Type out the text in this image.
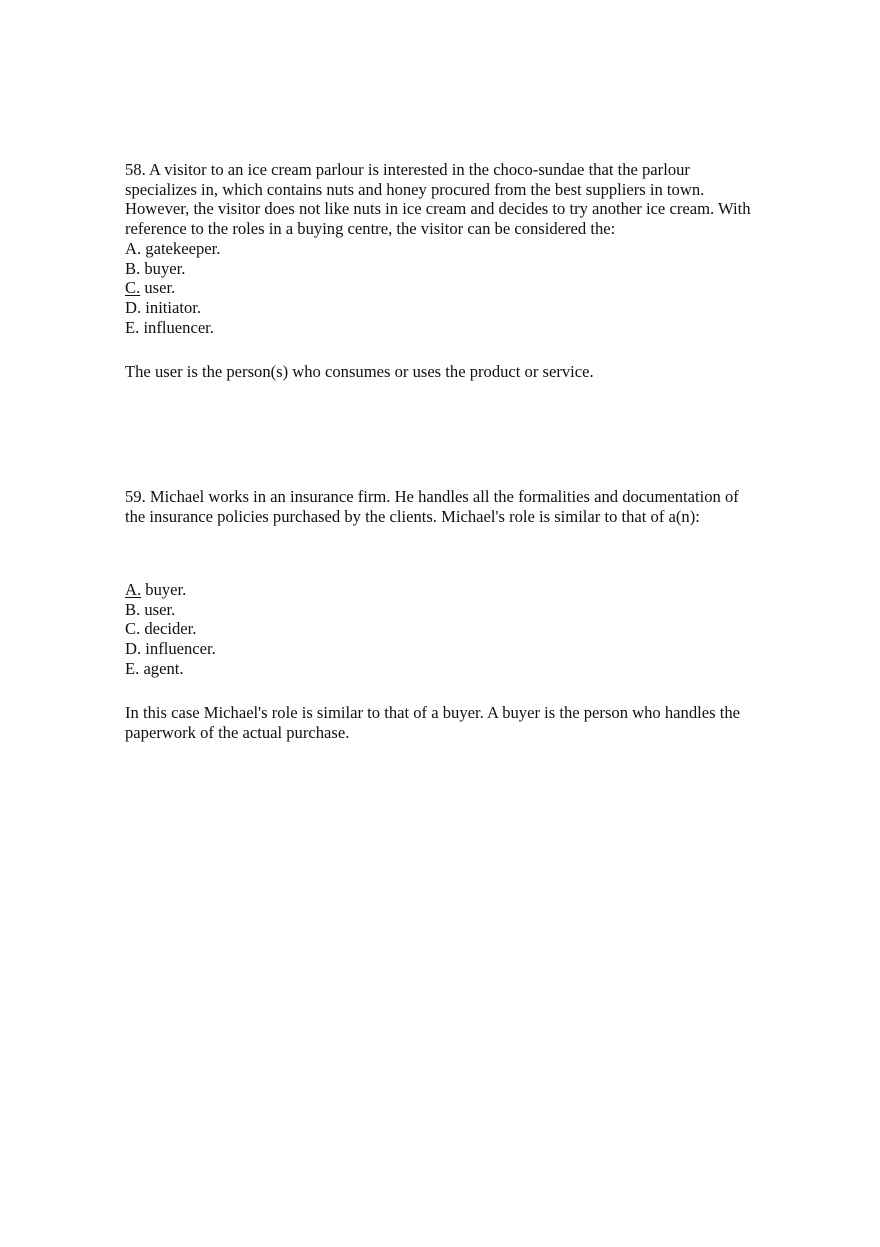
58. A visitor to an ice cream parlour is interested in the choco-sundae that the parlour

specializes in, which contains nuts and honey procured from the best suppliers in town.

However, the visitor does not like nuts in ice cream and decides to try another ice cream. With

reference to the roles in a buying centre, the visitor can be considered the:

A. gatekeeper.

B. buyer.

C. user.

D. initiator.

E. influencer.

The user is the person(s) who consumes or uses the product or service.

59. Michael works in an insurance firm. He handles all the formalities and documentation of

the insurance policies purchased by the clients. Michael's role is similar to that of a(n):

A. buyer.

B. user.

C. decider.

D. influencer.

E. agent.

In this case Michael's role is similar to that of a buyer. A buyer is the person who handles the

paperwork of the actual purchase.
